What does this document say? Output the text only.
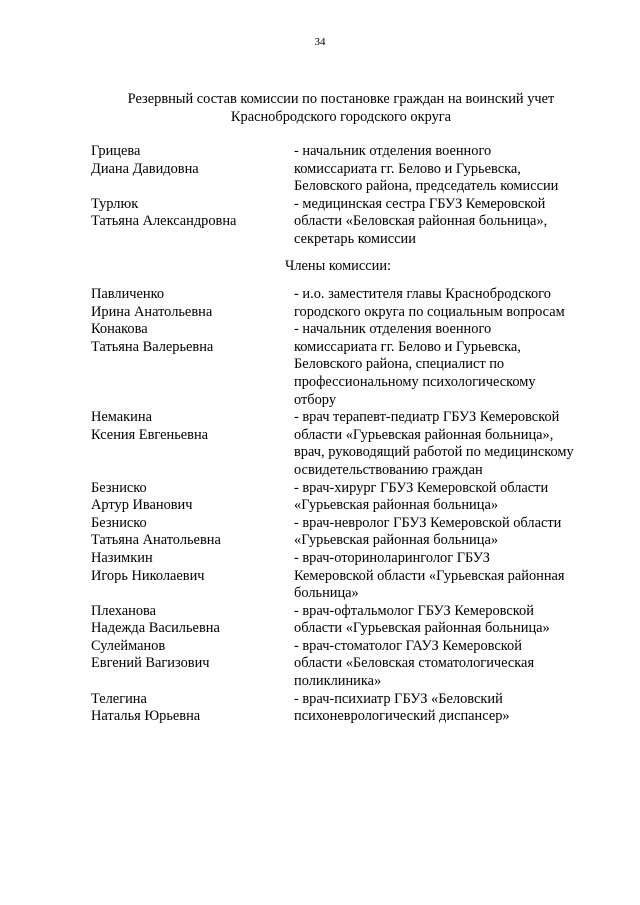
34
Резервный состав комиссии по постановке граждан на воинский учет
Краснобродского городского округа
Грицева
Диана Давидовна
- начальник отделения военного
комиссариата гг. Белово и Гурьевска,
Беловского района, председатель комиссии
Турлюк
Татьяна Александровна
- медицинская сестра ГБУЗ Кемеровской
области «Беловская районная больница»,
секретарь комиссии
Члены комиссии:
Павличенко
Ирина Анатольевна
- и.о. заместителя главы Краснобродского
городского округа по социальным вопросам
Конакова
Татьяна Валерьевна
- начальник отделения военного
комиссариата гг. Белово и Гурьевска,
Беловского района, специалист по
профессиональному психологическому
отбору
Немакина
Ксения Евгеньевна
- врач терапевт-педиатр ГБУЗ Кемеровской
области «Гурьевская районная больница»,
врач, руководящий работой по медицинскому
освидетельствованию граждан
Безниско
Артур Иванович
- врач-хирург ГБУЗ Кемеровской области
«Гурьевская районная больница»
Безниско
Татьяна Анатольевна
- врач-невролог ГБУЗ Кемеровской области
«Гурьевская районная больница»
Назимкин
Игорь Николаевич
- врач-оториноларинголог ГБУЗ
Кемеровской области «Гурьевская районная
больница»
Плеханова
Надежда Васильевна
- врач-офтальмолог ГБУЗ Кемеровской
области «Гурьевская районная больница»
Сулейманов
Евгений Вагизович
- врач-стоматолог ГАУЗ Кемеровской
области «Беловская стоматологическая
поликлиника»
Телегина
Наталья Юрьевна
- врач-психиатр ГБУЗ «Беловский
психоневрологический диспансер»
